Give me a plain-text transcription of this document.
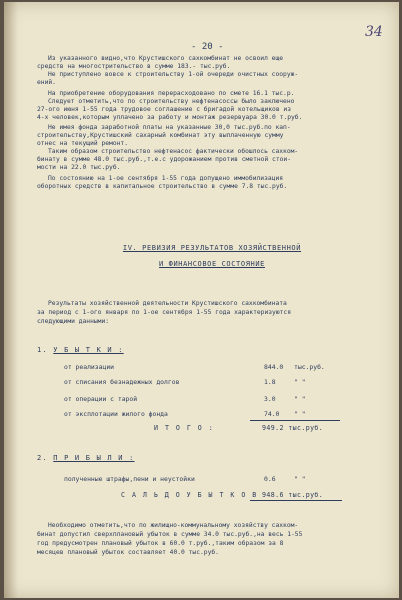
34
- 20 -
Из указанного видно,что Крустишского сахкомбинат не освоил еще
средств на многострительство в сумме 183.- тыс.руб.
Не приступлено вовсе к строительству 1-ой очереди очистных сооруж-
ений.
На приобретение оборудования перерасходовано по смете 16.1 тыс.р.
Следует отметить,что по строительству нефтенасоссы было заключено
27-ого июня 1-55 года трудовое соглашение с бригадой котельщиков из
4-х человек,которым уплачено за работу и монтаж резервуара 30.0 т.руб.
Не имея фонда заработной платы на указанные 30,0 тыс.руб.по кап-
строительству,Крустишский сахарный комбинат эту выплаченную сумму
отнес на текущий ремонт.
Таким образом строительство нефтенасос фактически обошлось сахком-
бинату в сумме 48.0 тыс.руб.,т.е.с удорожанием против сметной стои-
мости на 22.0 тыс.руб.
По состоянию на 1-ое сентября 1-55 года допущено иммобилизация
оборотных средств в капитальное строительство в сумме 7.8 тыс.руб.
IV. РЕВИЗИЯ РЕЗУЛЬТАТОВ ХОЗЯЙСТВЕННОЙ
И ФИНАНСОВОЕ СОСТОЯНИЕ
Результаты хозяйственной деятельности Крустишского сахкомбината
за период с 1-ого января по 1-ое сентября 1-55 года характеризуются
следующими данными:
1. У Б Ы Т К И :
от реализации	844.0 тыс.руб.
от списания безнадежных долгов	1.8	" "
от операции с тарой	3.0	" "
от эксплотации жилого фонда	74.0 " "
И Т О Г О :	949.2 тыс.руб.
2. П Р И Б Ы Л И :
полученные штрафы,пени и неустойки	0.6	" "
С А Л Ь Д О У Б Ы Т К О В 948.6 тыс.руб.
Необходимо отметить,что по жилищно-коммунальному хозяйству сахком-
бинат допустил сверхплановый убыток в сумме 34.0 тыс.руб.,на весь 1-55
год предусмотрен плановый убыток в 60.0 т.руб.,таким образом за 8
месяцев плановый убыток составляет 40.0 тыс.руб.
